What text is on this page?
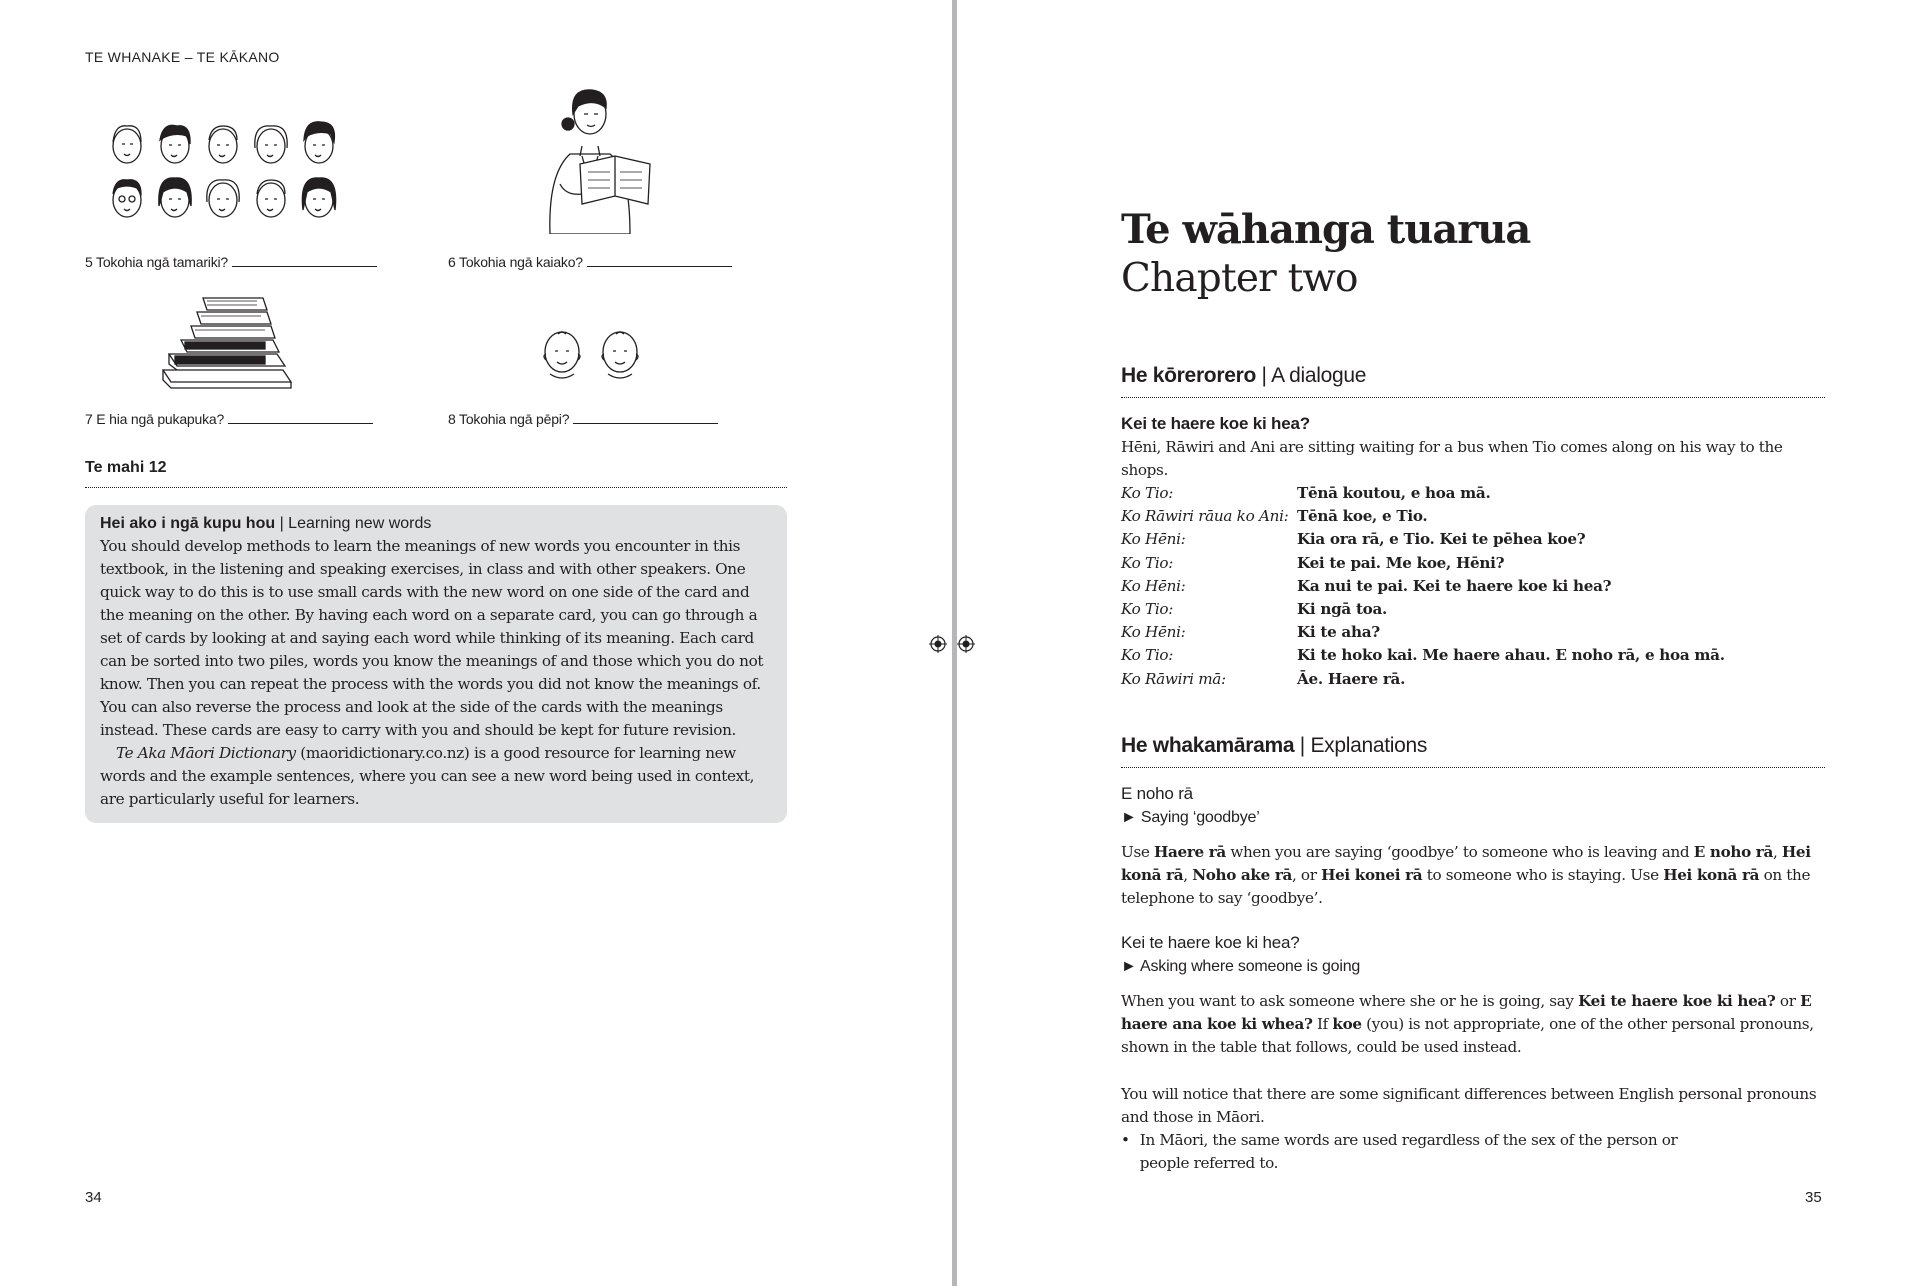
TE WHANAKE – TE KĀKANO
5 Tokohia ngā tamariki?	6 Tokohia ngā kaiako?
7 E hia ngā pukapuka?	8 Tokohia ngā pēpi?
Te mahi 12
Hei ako i ngā kupu hou | Learning new words

You should develop methods to learn the meanings of new words you encounter in this textbook, in the listening and speaking exercises, in class and with other speakers. One quick way to do this is to use small cards with the new word on one side of the card and the meaning on the other. By having each word on a separate card, you can go through a set of cards by looking at and saying each word while thinking of its meaning. Each card can be sorted into two piles, words you know the meanings of and those which you do not know. Then you can repeat the process with the words you did not know the meanings of. You can also reverse the process and look at the side of the cards with the meanings instead. These cards are easy to carry with you and should be kept for future revision.

Te Aka Māori Dictionary (maoridictionary.co.nz) is a good resource for learning new words and the example sentences, where you can see a new word being used in context, are particularly useful for learners.

34
Te wāhanga tuarua
Chapter two
He kōrerorero | A dialogue
Kei te haere koe ki hea?
Hēni, Rāwiri and Ani are sitting waiting for a bus when Tio comes along on his way to the shops.
Ko Tio:	Tēnā koutou, e hoa mā.
Ko Rāwiri rāua ko Ani: Tēnā koe, e Tio.
Ko Hēni:	Kia ora rā, e Tio. Kei te pēhea koe?
Ko Tio:	Kei te pai. Me koe, Hēni?
Ko Hēni:	Ka nui te pai. Kei te haere koe ki hea?
Ko Tio:	Ki ngā toa.
Ko Hēni:	Ki te aha?
Ko Tio:	Ki te hoko kai. Me haere ahau. E noho rā, e hoa mā.
Ko Rāwiri mā:	Āe. Haere rā.
He whakamārama | Explanations
E noho rā
► Saying ‘goodbye’

Use Haere rā when you are saying ‘goodbye’ to someone who is leaving and E noho rā, Hei konā rā, Noho ake rā, or Hei konei rā to someone who is staying. Use Hei konā rā on the telephone to say ‘goodbye’.

Kei te haere koe ki hea?
► Asking where someone is going

When you want to ask someone where she or he is going, say Kei te haere koe ki hea? or E haere ana koe ki whea? If koe (you) is not appropriate, one of the other personal pronouns, shown in the table that follows, could be used instead.

You will notice that there are some significant differences between English personal pronouns and those in Māori.
• In Māori, the same words are used regardless of the sex of the person or people referred to.
35
